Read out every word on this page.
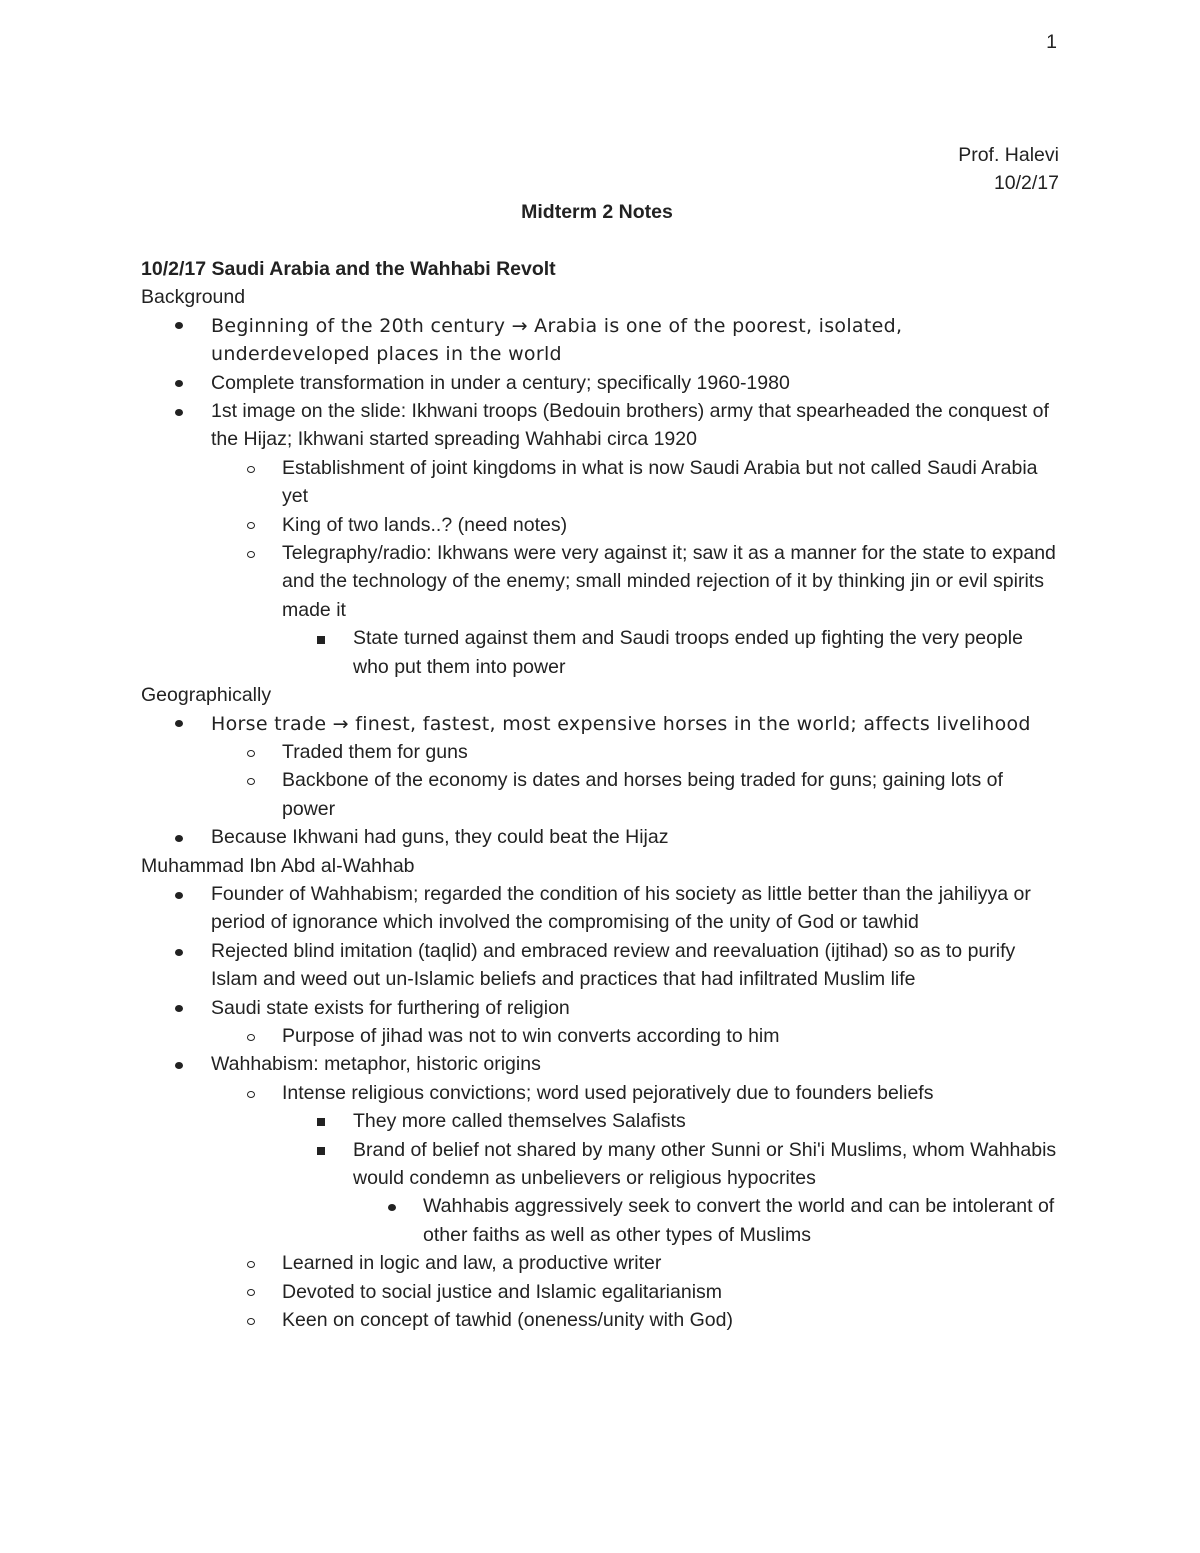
1
Prof. Halevi
10/2/17
Midterm 2 Notes
10/2/17 Saudi Arabia and the Wahhabi Revolt
Background
Beginning of the 20th century → Arabia is one of the poorest, isolated, underdeveloped places in the world
Complete transformation in under a century; specifically 1960-1980
1st image on the slide: Ikhwani troops (Bedouin brothers) army that spearheaded the conquest of the Hijaz; Ikhwani started spreading Wahhabi circa 1920
Establishment of joint kingdoms in what is now Saudi Arabia but not called Saudi Arabia yet
King of two lands..? (need notes)
Telegraphy/radio: Ikhwans were very against it; saw it as a manner for the state to expand and the technology of the enemy; small minded rejection of it by thinking jin or evil spirits made it
State turned against them and Saudi troops ended up fighting the very people who put them into power
Geographically
Horse trade → finest, fastest, most expensive horses in the world; affects livelihood
Traded them for guns
Backbone of the economy is dates and horses being traded for guns; gaining lots of power
Because Ikhwani had guns, they could beat the Hijaz
Muhammad Ibn Abd al-Wahhab
Founder of Wahhabism; regarded the condition of his society as little better than the jahiliyya or period of ignorance which involved the compromising of the unity of God or tawhid
Rejected blind imitation (taqlid) and embraced review and reevaluation (ijtihad) so as to purify Islam and weed out un-Islamic beliefs and practices that had infiltrated Muslim life
Saudi state exists for furthering of religion
Purpose of jihad was not to win converts according to him
Wahhabism: metaphor, historic origins
Intense religious convictions; word used pejoratively due to founders beliefs
They more called themselves Salafists
Brand of belief not shared by many other Sunni or Shi'i Muslims, whom Wahhabis would condemn as unbelievers or religious hypocrites
Wahhabis aggressively seek to convert the world and can be intolerant of other faiths as well as other types of Muslims
Learned in logic and law, a productive writer
Devoted to social justice and Islamic egalitarianism
Keen on concept of tawhid (oneness/unity with God)
